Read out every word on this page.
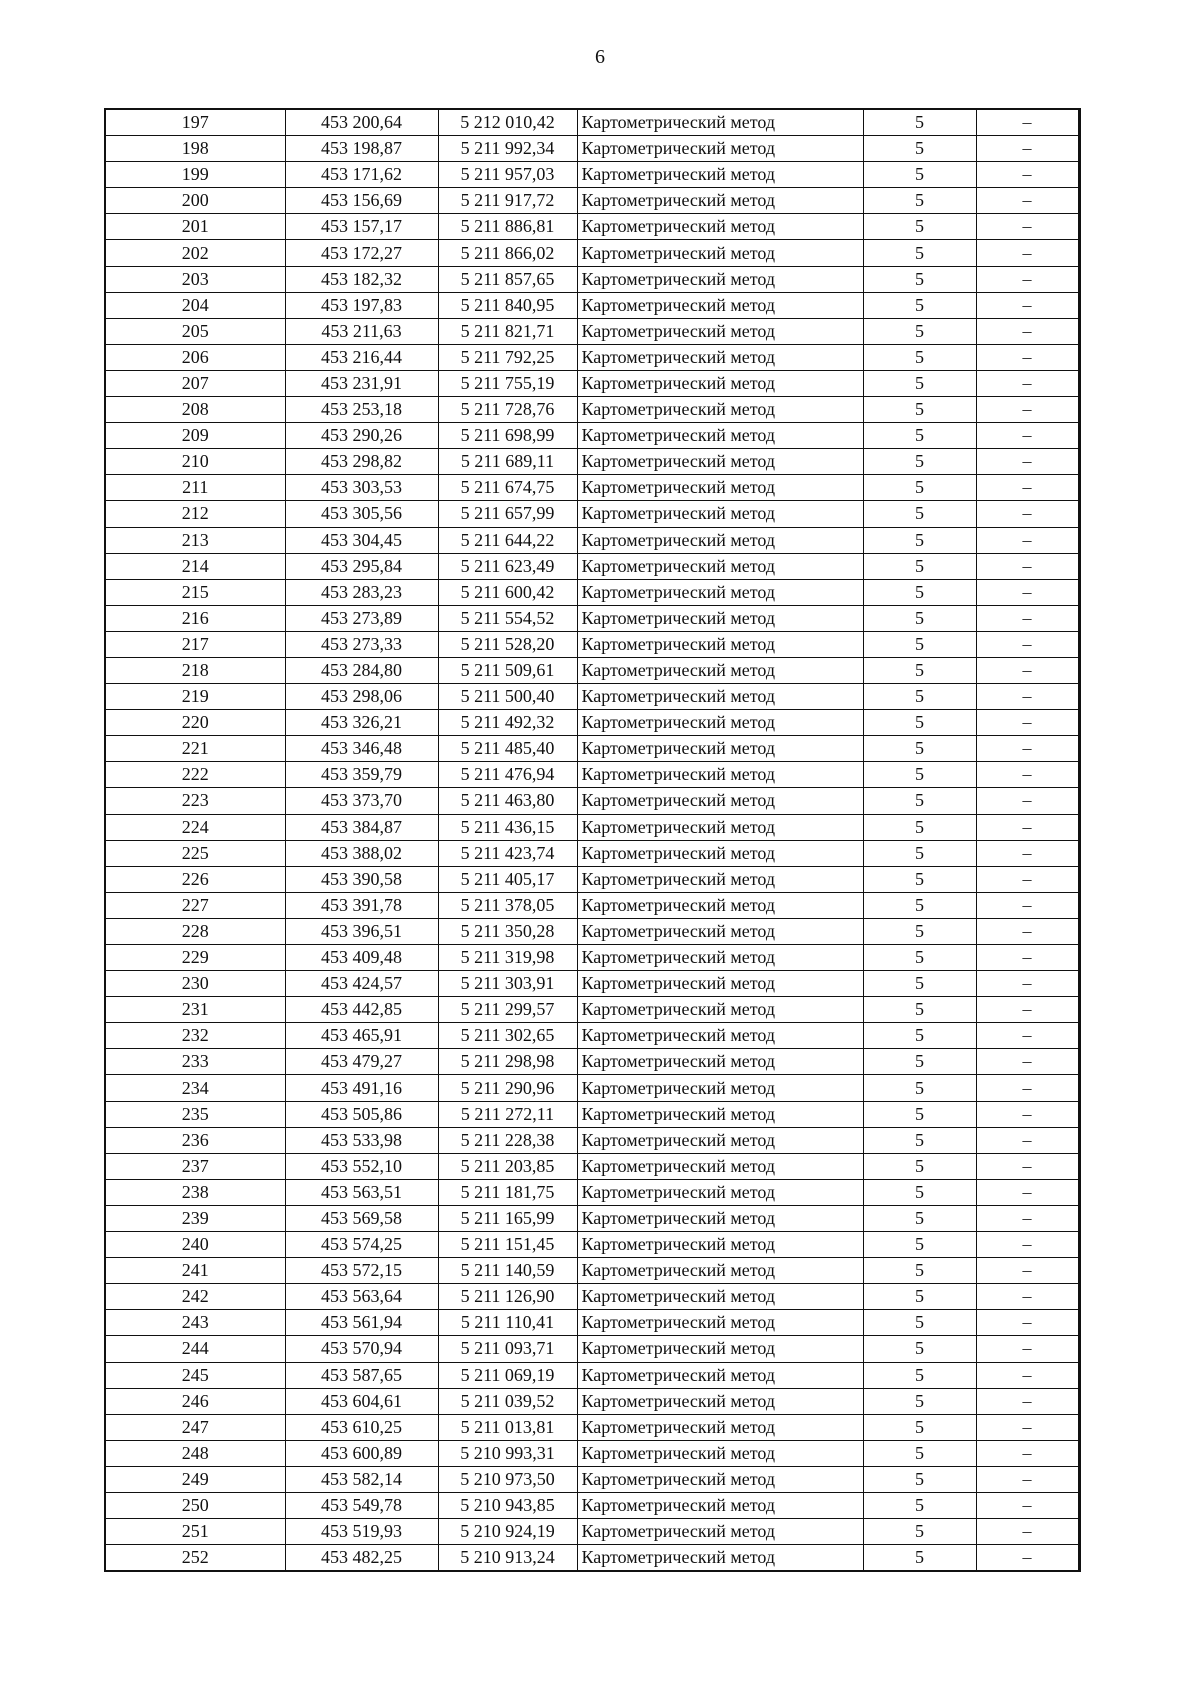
6
197	453 200,64	5 212 010,42	Картометрический метод	5	–
198	453 198,87	5 211 992,34	Картометрический метод	5	–
199	453 171,62	5 211 957,03	Картометрический метод	5	–
200	453 156,69	5 211 917,72	Картометрический метод	5	–
201	453 157,17	5 211 886,81	Картометрический метод	5	–
202	453 172,27	5 211 866,02	Картометрический метод	5	–
203	453 182,32	5 211 857,65	Картометрический метод	5	–
204	453 197,83	5 211 840,95	Картометрический метод	5	–
205	453 211,63	5 211 821,71	Картометрический метод	5	–
206	453 216,44	5 211 792,25	Картометрический метод	5	–
207	453 231,91	5 211 755,19	Картометрический метод	5	–
208	453 253,18	5 211 728,76	Картометрический метод	5	–
209	453 290,26	5 211 698,99	Картометрический метод	5	–
210	453 298,82	5 211 689,11	Картометрический метод	5	–
211	453 303,53	5 211 674,75	Картометрический метод	5	–
212	453 305,56	5 211 657,99	Картометрический метод	5	–
213	453 304,45	5 211 644,22	Картометрический метод	5	–
214	453 295,84	5 211 623,49	Картометрический метод	5	–
215	453 283,23	5 211 600,42	Картометрический метод	5	–
216	453 273,89	5 211 554,52	Картометрический метод	5	–
217	453 273,33	5 211 528,20	Картометрический метод	5	–
218	453 284,80	5 211 509,61	Картометрический метод	5	–
219	453 298,06	5 211 500,40	Картометрический метод	5	–
220	453 326,21	5 211 492,32	Картометрический метод	5	–
221	453 346,48	5 211 485,40	Картометрический метод	5	–
222	453 359,79	5 211 476,94	Картометрический метод	5	–
223	453 373,70	5 211 463,80	Картометрический метод	5	–
224	453 384,87	5 211 436,15	Картометрический метод	5	–
225	453 388,02	5 211 423,74	Картометрический метод	5	–
226	453 390,58	5 211 405,17	Картометрический метод	5	–
227	453 391,78	5 211 378,05	Картометрический метод	5	–
228	453 396,51	5 211 350,28	Картометрический метод	5	–
229	453 409,48	5 211 319,98	Картометрический метод	5	–
230	453 424,57	5 211 303,91	Картометрический метод	5	–
231	453 442,85	5 211 299,57	Картометрический метод	5	–
232	453 465,91	5 211 302,65	Картометрический метод	5	–
233	453 479,27	5 211 298,98	Картометрический метод	5	–
234	453 491,16	5 211 290,96	Картометрический метод	5	–
235	453 505,86	5 211 272,11	Картометрический метод	5	–
236	453 533,98	5 211 228,38	Картометрический метод	5	–
237	453 552,10	5 211 203,85	Картометрический метод	5	–
238	453 563,51	5 211 181,75	Картометрический метод	5	–
239	453 569,58	5 211 165,99	Картометрический метод	5	–
240	453 574,25	5 211 151,45	Картометрический метод	5	–
241	453 572,15	5 211 140,59	Картометрический метод	5	–
242	453 563,64	5 211 126,90	Картометрический метод	5	–
243	453 561,94	5 211 110,41	Картометрический метод	5	–
244	453 570,94	5 211 093,71	Картометрический метод	5	–
245	453 587,65	5 211 069,19	Картометрический метод	5	–
246	453 604,61	5 211 039,52	Картометрический метод	5	–
247	453 610,25	5 211 013,81	Картометрический метод	5	–
248	453 600,89	5 210 993,31	Картометрический метод	5	–
249	453 582,14	5 210 973,50	Картометрический метод	5	–
250	453 549,78	5 210 943,85	Картометрический метод	5	–
251	453 519,93	5 210 924,19	Картометрический метод	5	–
252	453 482,25	5 210 913,24	Картометрический метод	5	–
